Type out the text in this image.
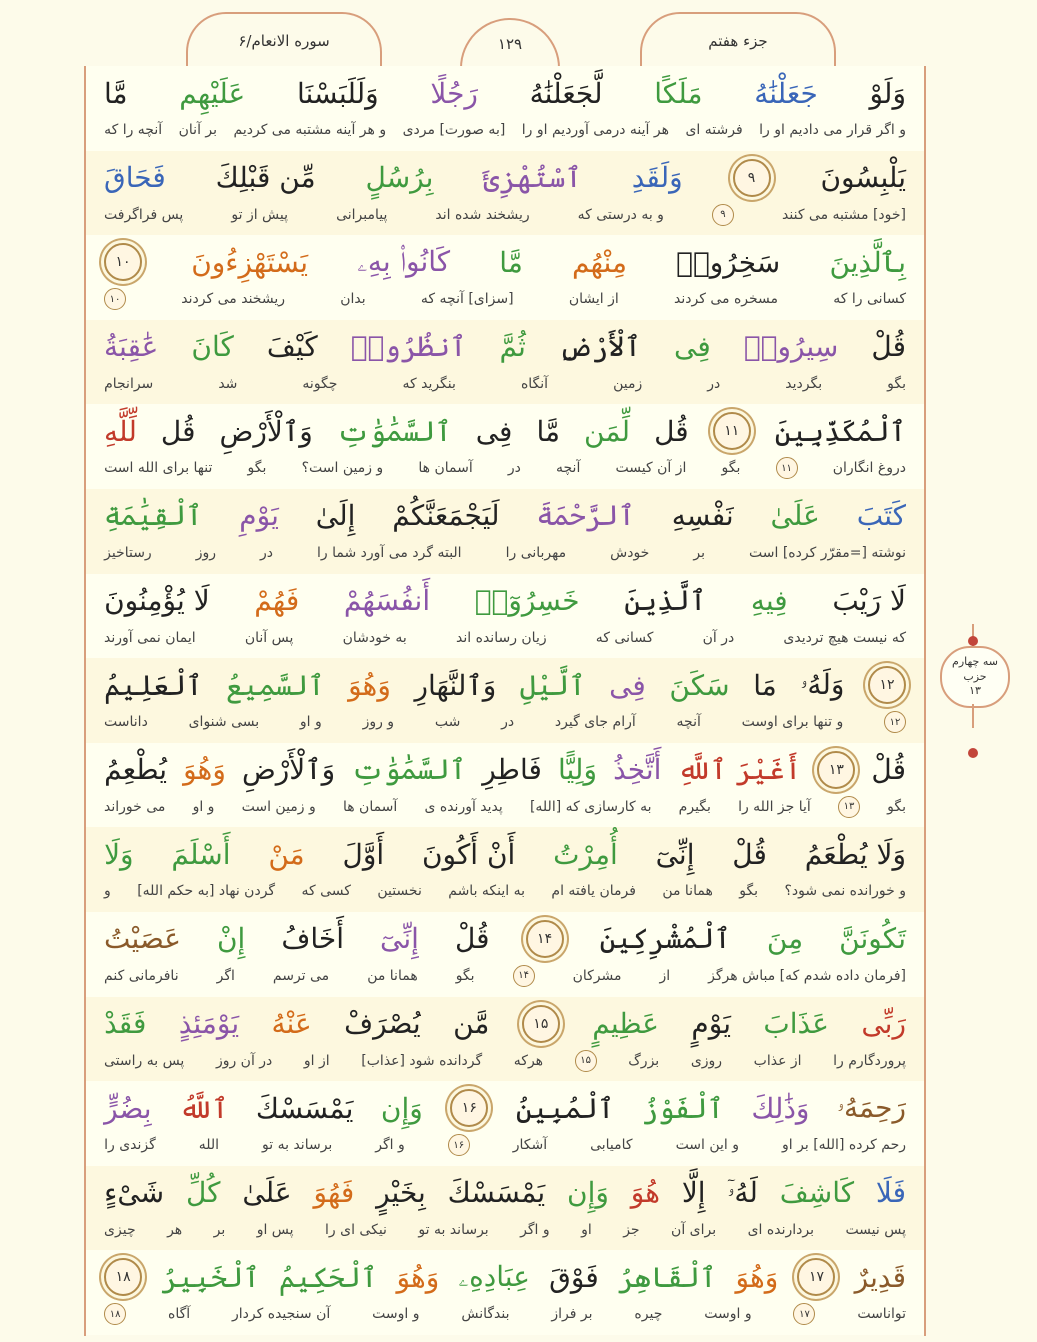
سوره الانعام/۶	۱۲۹	جزء هفتم
وَلَوْ
جَعَلْنَٰهُ
مَلَكًا
لَّجَعَلْنَٰهُ
رَجُلًا
وَلَلَبَسْنَا
عَلَيْهِم
مَّا
و اگر قرار می دادیم او را
فرشته ای
هر آینه درمی آوردیم او را
[به صورت] مردی
و هر آینه مشتبه می کردیم
بر آنان
آنچه را که
يَلْبِسُونَ
۹
وَلَقَدِ
ٱسْتُهْزِئَ
بِرُسُلٍ
مِّن قَبْلِكَ
فَحَاقَ
[خود] مشتبه می کنند
۹
و به درستی که
ریشخند شده اند
پیامبرانی
پیش از تو
پس فراگرفت
بِٱلَّذِينَ
سَخِرُوا۟
مِنْهُم
مَّا
كَانُوا۟ بِهِۦ
يَسْتَهْزِءُونَ
۱۰
کسانی را که
مسخره می کردند
از ایشان
[سزای] آنچه که
بدان
ریشخند می کردند
۱۰
قُلْ
سِيرُوا۟
فِى
ٱلْأَرْضِ
ثُمَّ
ٱنظُرُوا۟
كَيْفَ
كَانَ
عَٰقِبَةُ
بگو
بگردید
در
زمین
آنگاه
بنگرید که
چگونه
شد
سرانجام
ٱلْمُكَذِّبِينَ
۱۱
قُل
لِّمَن
مَّا
فِى
ٱلسَّمَٰوَٰتِ
وَٱلْأَرْضِ
قُل
لِّلَّهِ
دروغ انگاران
۱۱
بگو
از آن کیست
آنچه
در
آسمان ها
و زمین است؟
بگو
تنها برای الله است
كَتَبَ
عَلَىٰ
نَفْسِهِ
ٱلرَّحْمَةَ
لَيَجْمَعَنَّكُمْ
إِلَىٰ
يَوْمِ
ٱلْقِيَٰمَةِ
نوشته [=مقرّر کرده] است
بر
خودش
مهربانی را
البته گرد می آورد شما را
در
روز
رستاخیز
لَا رَيْبَ
فِيهِ
ٱلَّذِينَ
خَسِرُوٓا۟
أَنفُسَهُمْ
فَهُمْ
لَا يُؤْمِنُونَ
که نیست هیچ تردیدی
در آن
کسانی که
زیان رسانده اند
به خودشان
پس آنان
ایمان نمی آورند
۱۲
وَلَهُۥ
مَا
سَكَنَ
فِى
ٱلَّيْلِ
وَٱلنَّهَارِ
وَهُوَ
ٱلسَّمِيعُ
ٱلْعَلِيمُ
۱۲
و تنها برای اوست
آنچه
آرام جای گیرد
در
شب
و روز
و او
بسی شنوای
داناست
قُلْ
۱۳
أَغَيْرَ ٱللَّهِ
أَتَّخِذُ
وَلِيًّا
فَاطِرِ
ٱلسَّمَٰوَٰتِ
وَٱلْأَرْضِ
وَهُوَ
يُطْعِمُ
بگو
۱۳
آیا جز الله را
بگیرم
به کارسازی که [الله]
پدید آورنده ی
آسمان ها
و زمین است
و او
می خوراند
وَلَا يُطْعَمُ
قُلْ
إِنِّىٓ
أُمِرْتُ
أَنْ أَكُونَ
أَوَّلَ
مَنْ
أَسْلَمَ
وَلَا
و خورانده نمی شود؟
بگو
همانا من
فرمان یافته ام
به اینکه باشم
نخستین
کسی که
گردن نهاد [به حکم الله]
و
تَكُونَنَّ
مِنَ
ٱلْمُشْرِكِينَ
۱۴
قُلْ
إِنِّىٓ
أَخَافُ
إِنْ
عَصَيْتُ
[فرمان داده شدم که] مباش هرگز
از
مشرکان
۱۴
بگو
همانا من
می ترسم
اگر
نافرمانی کنم
رَبِّى
عَذَابَ
يَوْمٍ
عَظِيمٍ
۱۵
مَّن
يُصْرَفْ
عَنْهُ
يَوْمَئِذٍ
فَقَدْ
پروردگارم را
از عذاب
روزی
بزرگ
۱۵
هرکه
گردانده شود [عذاب]
از او
در آن روز
پس به راستی
رَحِمَهُۥ
وَذَٰلِكَ
ٱلْفَوْزُ
ٱلْمُبِينُ
۱۶
وَإِن
يَمْسَسْكَ
ٱللَّهُ
بِضُرٍّ
رحم کرده [الله] بر او
و این است
کامیابی
آشکار
۱۶
و اگر
برساند به تو
الله
گزندی را
فَلَا
كَاشِفَ
لَهُۥٓ
إِلَّا
هُوَ
وَإِن
يَمْسَسْكَ
بِخَيْرٍ
فَهُوَ
عَلَىٰ
كُلِّ
شَىْءٍ
پس نیست
بردارنده ای
برای آن
جز
او
و اگر
برساند به تو
نیکی ای را
پس او
بر
هر
چیزی
قَدِيرٌ
۱۷
وَهُوَ
ٱلْقَاهِرُ
فَوْقَ
عِبَادِهِۦ
وَهُوَ
ٱلْحَكِيمُ
ٱلْخَبِيرُ
۱۸
تواناست
۱۷
و اوست
چیره
بر فراز
بندگانش
و اوست
آن سنجیده کردار
آگاه
۱۸
سه چهارم
حزب
۱۳
